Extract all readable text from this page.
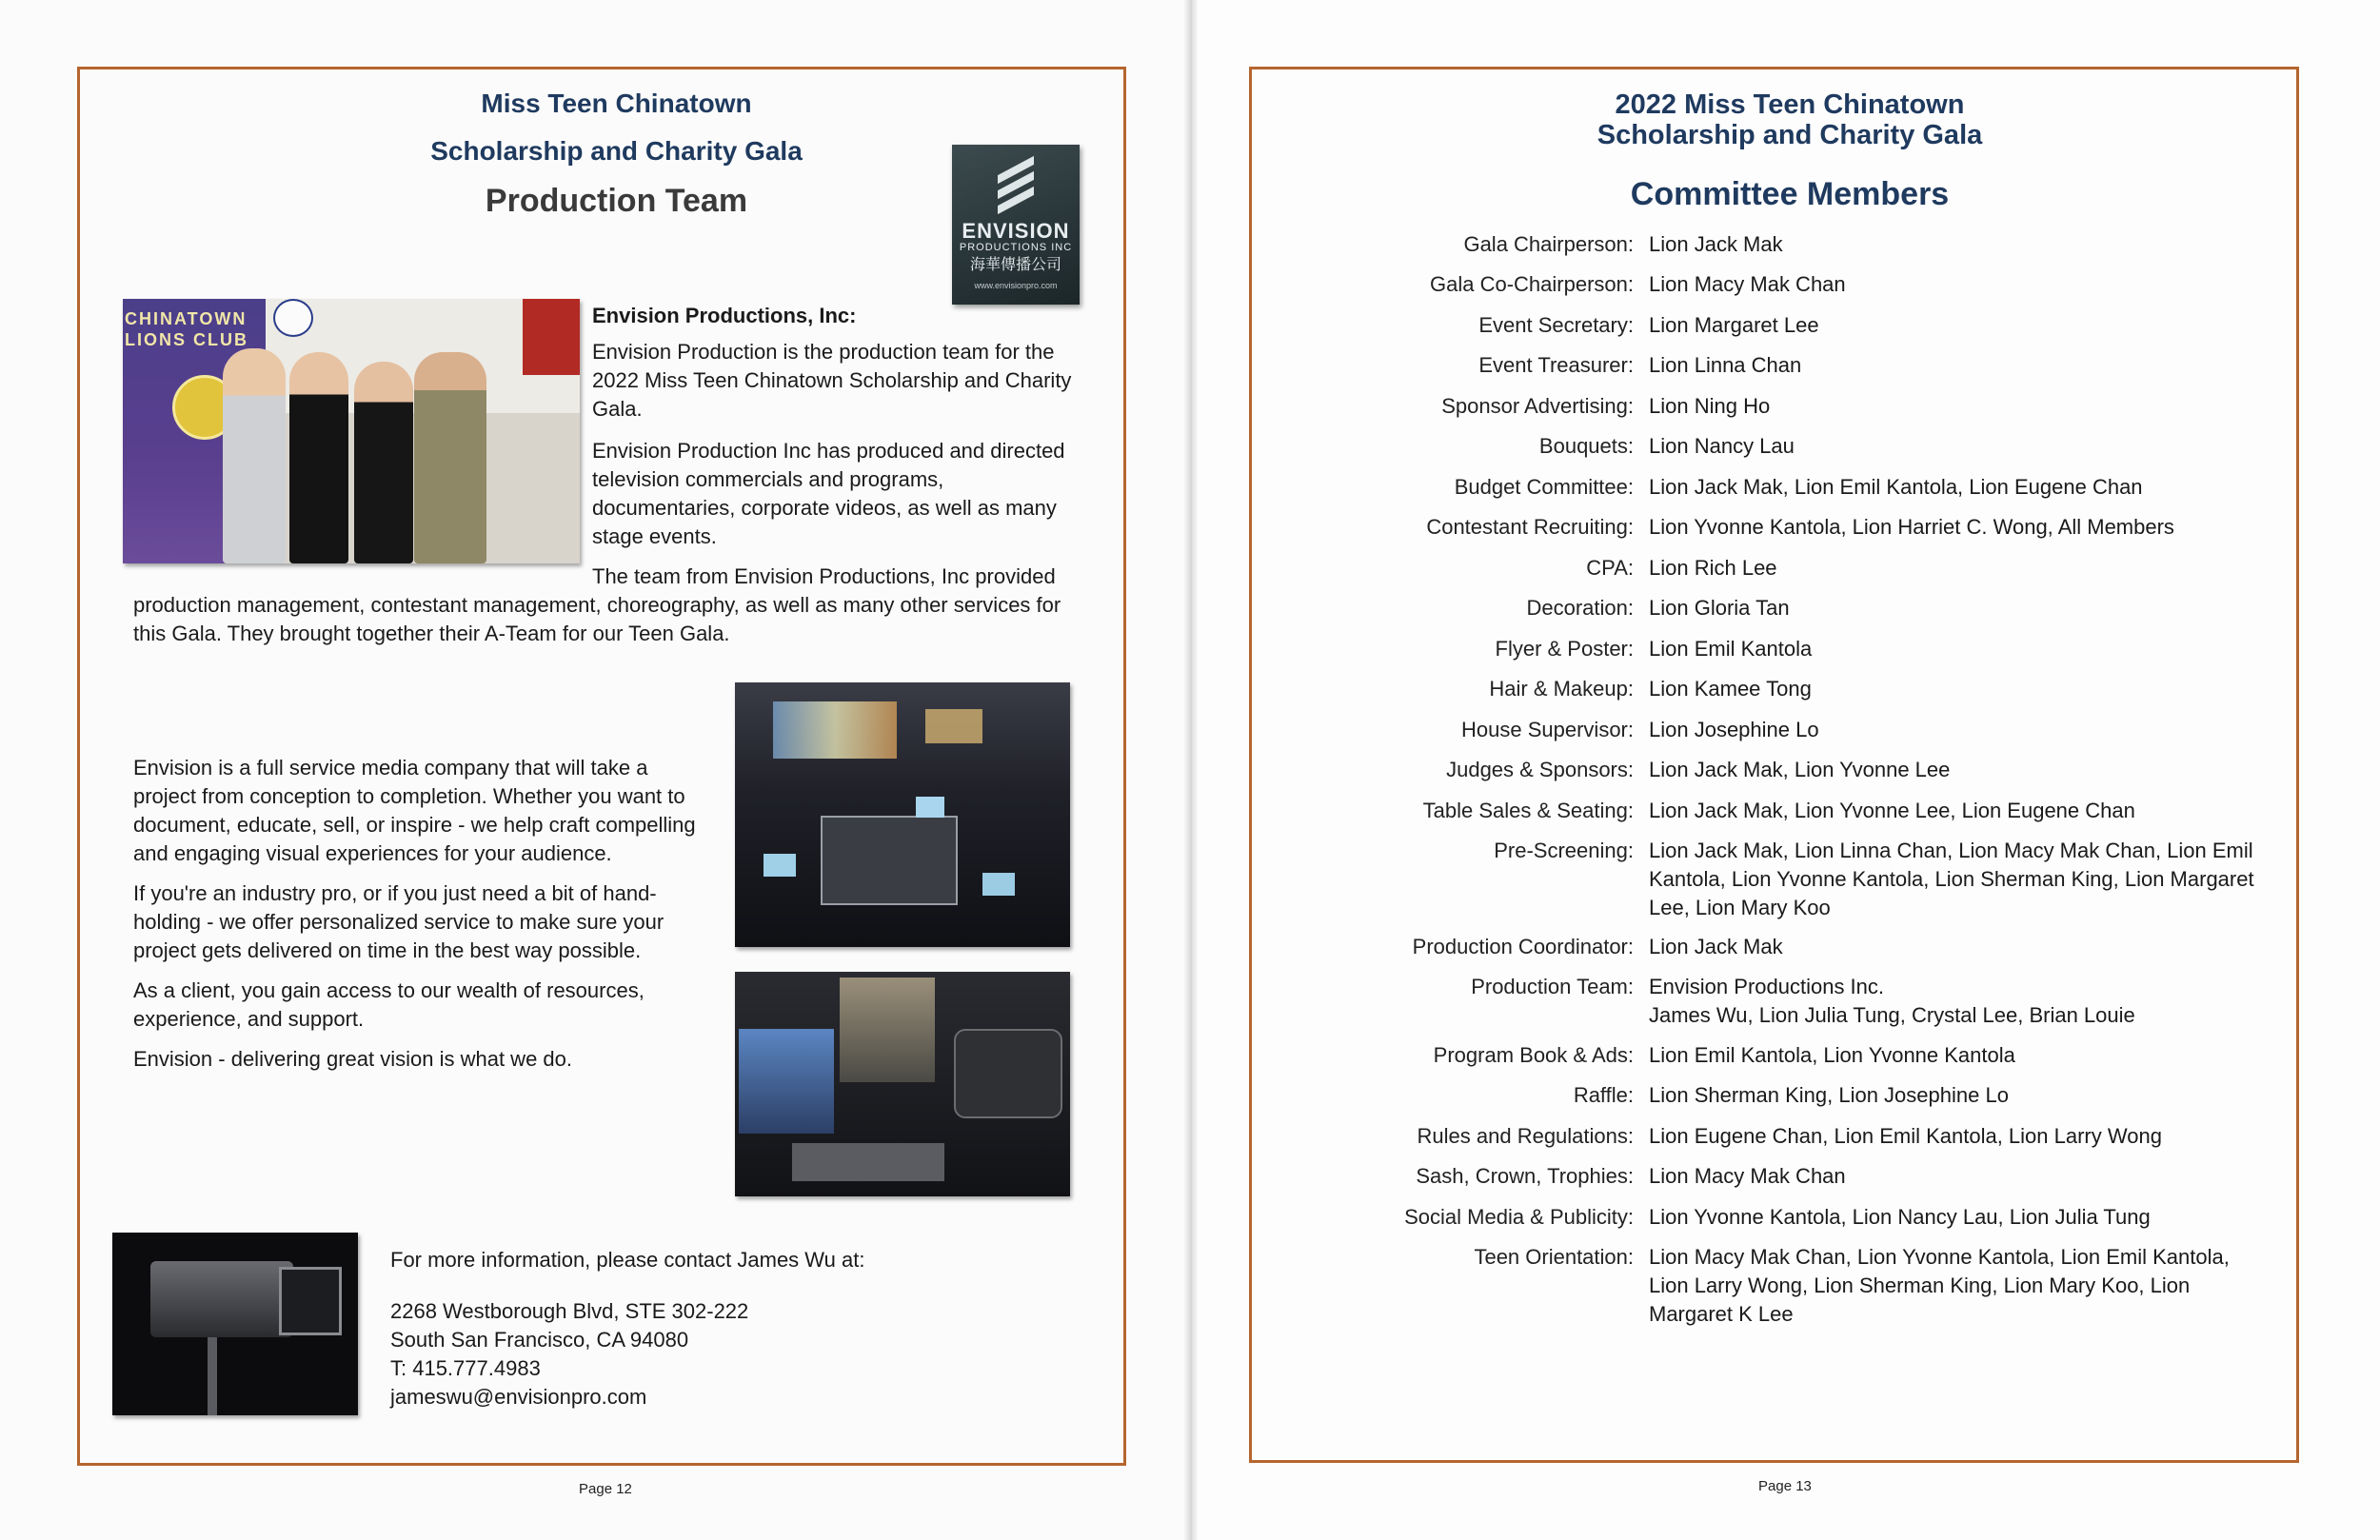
Miss Teen Chinatown
Scholarship and Charity Gala
Production Team
ENVISION
PRODUCTIONS INC
海華傳播公司
www.envisionpro.com
CHINATOWN LIONS CLUB
Envision Productions, Inc:
Envision Production is the production team for the 2022 Miss Teen Chinatown Scholarship and Charity Gala.
Envision Production Inc has produced and directed television commercials and programs, documentaries, corporate videos, as well as many stage events.
The team from Envision Productions, Inc provided production management, contestant management, choreography, as well as many other services for this Gala. They brought together their A-Team for our Teen Gala.

Envision is a full service media company that will take a project from conception to completion. Whether you want to document, educate, sell, or inspire - we help craft compelling and engaging visual experiences for your audience.

If you're an industry pro, or if you just need a bit of hand-holding - we offer personalized service to make sure your project gets delivered on time in the best way possible.

As a client, you gain access to our wealth of resources, experience, and support.

Envision - delivering great vision is what we do.

For more information, please contact James Wu at:
2268 Westborough Blvd, STE 302-222
South San Francisco, CA 94080
T: 415.777.4983
jameswu@envisionpro.com
Page 12
2022 Miss Teen Chinatown
Scholarship and Charity Gala
Committee Members
Gala Chairperson: Lion Jack Mak
Gala Co-Chairperson: Lion Macy Mak Chan
Event Secretary: Lion Margaret Lee
Event Treasurer: Lion Linna Chan
Sponsor Advertising: Lion Ning Ho
Bouquets: Lion Nancy Lau
Budget Committee: Lion Jack Mak, Lion Emil Kantola, Lion Eugene Chan
Contestant Recruiting: Lion Yvonne Kantola, Lion Harriet C. Wong, All Members
CPA: Lion Rich Lee
Decoration: Lion Gloria Tan
Flyer & Poster: Lion Emil Kantola
Hair & Makeup: Lion Kamee Tong
House Supervisor: Lion Josephine Lo
Judges & Sponsors: Lion Jack Mak, Lion Yvonne Lee
Table Sales & Seating: Lion Jack Mak, Lion Yvonne Lee, Lion Eugene Chan
Pre-Screening: Lion Jack Mak, Lion Linna Chan, Lion Macy Mak Chan, Lion Emil Kantola, Lion Yvonne Kantola, Lion Sherman King, Lion Margaret Lee, Lion Mary Koo
Production Coordinator: Lion Jack Mak
Production Team: Envision Productions Inc.
James Wu, Lion Julia Tung, Crystal Lee, Brian Louie
Program Book & Ads: Lion Emil Kantola, Lion Yvonne Kantola
Raffle: Lion Sherman King, Lion Josephine Lo
Rules and Regulations: Lion Eugene Chan, Lion Emil Kantola, Lion Larry Wong
Sash, Crown, Trophies: Lion Macy Mak Chan
Social Media & Publicity: Lion Yvonne Kantola, Lion Nancy Lau, Lion Julia Tung
Teen Orientation: Lion Macy Mak Chan, Lion Yvonne Kantola, Lion Emil Kantola, Lion Larry Wong, Lion Sherman King, Lion Mary Koo, Lion Margaret K Lee
Page 13
